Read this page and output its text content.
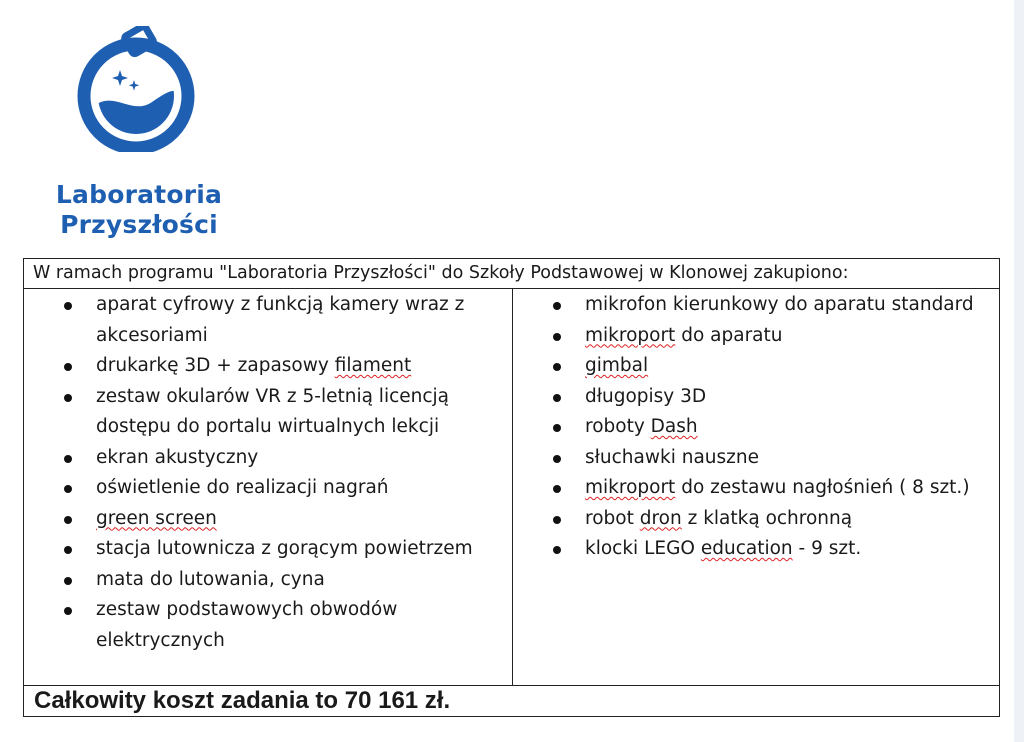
Laboratoria
Przyszłości
W ramach programu "Laboratoria Przyszłości" do Szkoły Podstawowej w Klonowej zakupiono:
aparat cyfrowy z funkcją kamery wraz z akcesoriami
drukarkę 3D + zapasowy filament
zestaw okularów VR z 5-letnią licencją dostępu do portalu wirtualnych lekcji
ekran akustyczny
oświetlenie do realizacji nagrań
green screen
stacja lutownicza z gorącym powietrzem
mata do lutowania, cyna
zestaw podstawowych obwodów elektrycznych
mikrofon kierunkowy do aparatu standard
mikroport do aparatu
gimbal
długopisy 3D
roboty Dash
słuchawki nauszne
mikroport do zestawu nagłośnień ( 8 szt.)
robot dron z klatką ochronną
klocki LEGO education - 9 szt.
Całkowity koszt zadania to 70 161 zł.
